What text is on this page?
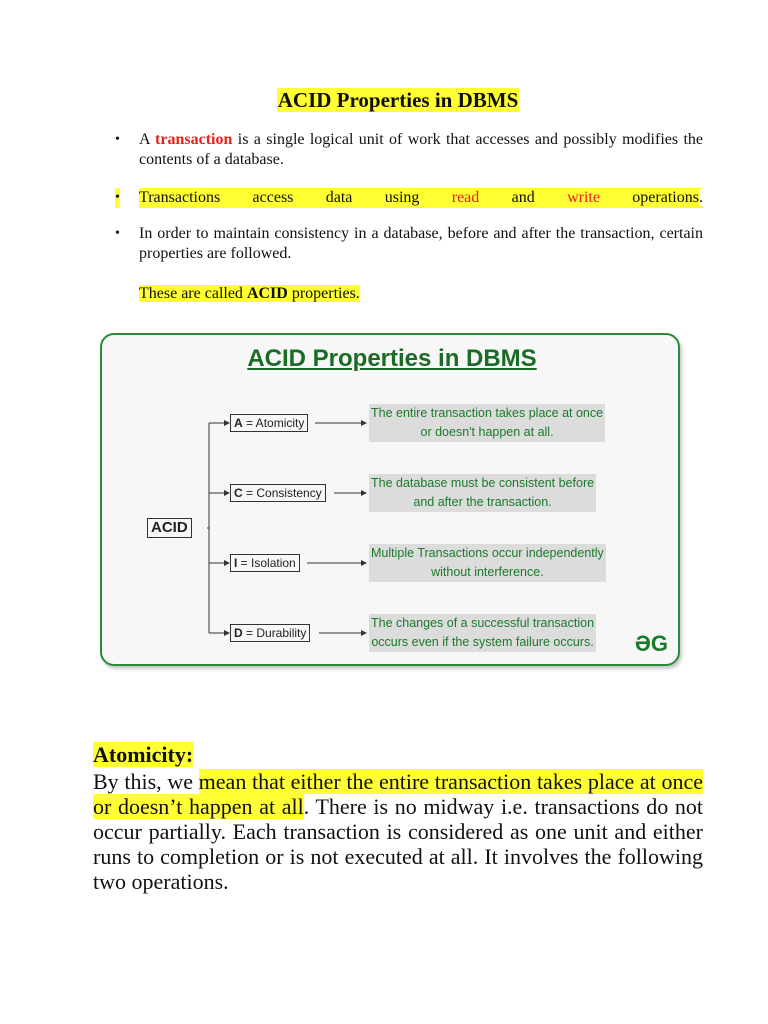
ACID Properties in DBMS
• A transaction is a single logical unit of work that accesses and possibly modifies the contents of a database.
• Transactions access data using read and write operations.
• In order to maintain consistency in a database, before and after the transaction, certain properties are followed.
These are called ACID properties.
ACID Properties in DBMS
ACID
A = Atomicity
C = Consistency
I = Isolation
D = Durability
The entire transaction takes place at once
or doesn't happen at all.
The database must be consistent before
and after the transaction.
Multiple Transactions occur independently
without interference.
The changes of a successful transaction
occurs even if the system failure occurs. ƏG
Atomicity:
By this, we mean that either the entire transaction takes place at once or doesn’t happen at all. There is no midway i.e. transactions do not occur partially. Each transaction is considered as one unit and either runs to completion or is not executed at all. It involves the following two operations.
